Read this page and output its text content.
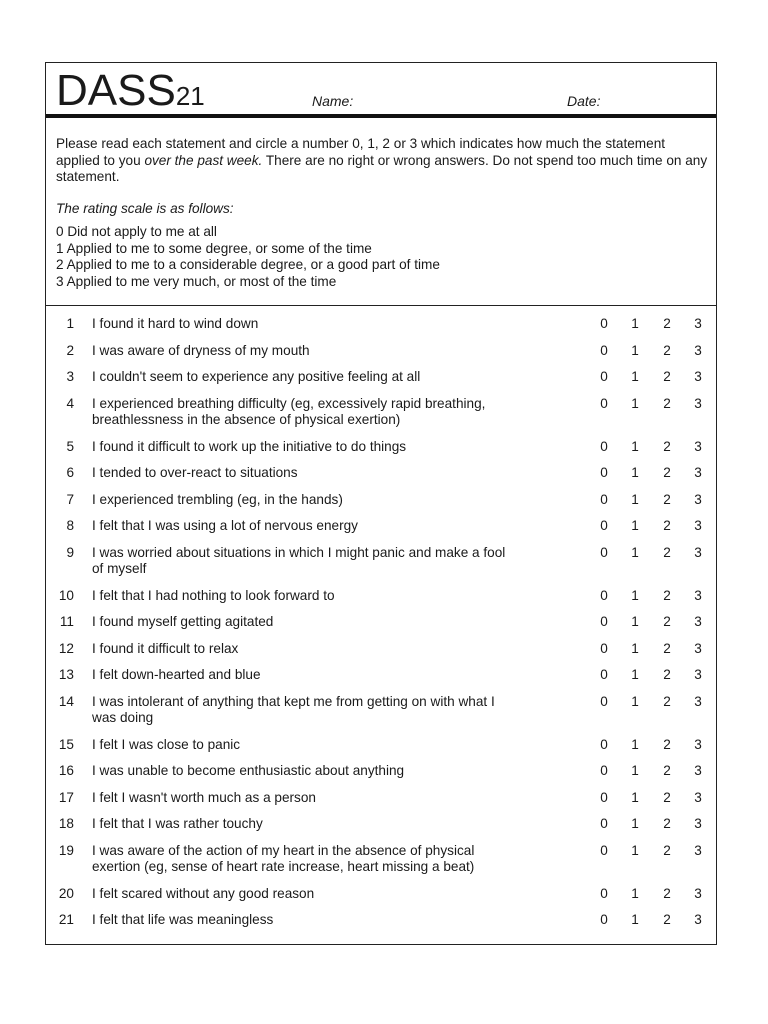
DASS21	Name:	Date:

Please read each statement and circle a number 0, 1, 2 or 3 which indicates how much the statement applied to you over the past week. There are no right or wrong answers. Do not spend too much time on any statement.

The rating scale is as follows:
0 Did not apply to me at all
1 Applied to me to some degree, or some of the time
2 Applied to me to a considerable degree, or a good part of time
3 Applied to me very much, or most of the time
1 I found it hard to wind down	0 1 2 3
2 I was aware of dryness of my mouth	0 1 2 3
3 I couldn't seem to experience any positive feeling at all	0 1 2 3
4 I experienced breathing difficulty (eg, excessively rapid breathing, breathlessness in the absence of physical exertion)
0 1 2 3
5 I found it difficult to work up the initiative to do things	0 1 2 3
6 I tended to over-react to situations	0 1 2 3
7 I experienced trembling (eg, in the hands)	0 1 2 3
8 I felt that I was using a lot of nervous energy	0 1 2 3
9 I was worried about situations in which I might panic and make a fool of myself
0 1 2 3
10 I felt that I had nothing to look forward to	0 1 2 3
11 I found myself getting agitated	0 1 2 3
12 I found it difficult to relax	0 1 2 3
13 I felt down-hearted and blue	0 1 2 3
14 I was intolerant of anything that kept me from getting on with what I was doing
0 1 2 3
15 I felt I was close to panic	0 1 2 3
16 I was unable to become enthusiastic about anything	0 1 2 3
17 I felt I wasn't worth much as a person	0 1 2 3
18 I felt that I was rather touchy	0 1 2 3
19 I was aware of the action of my heart in the absence of physical exertion (eg, sense of heart rate increase, heart missing a beat)
0 1 2 3
20 I felt scared without any good reason	0 1 2 3
21 I felt that life was meaningless	0 1 2 3
